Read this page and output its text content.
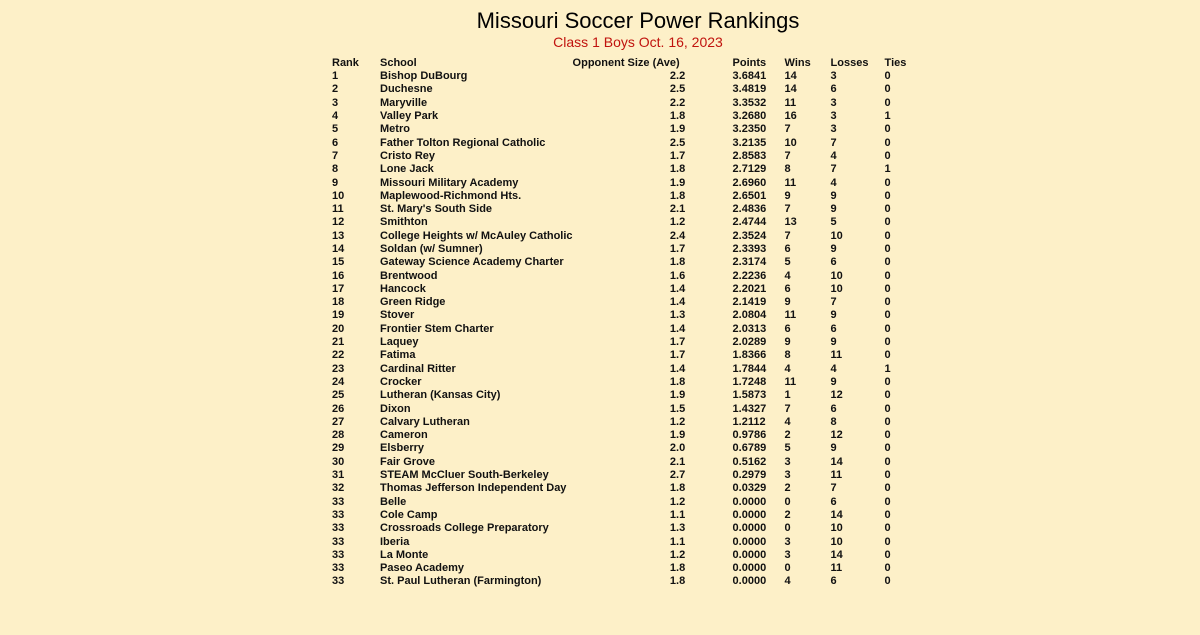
Missouri Soccer Power Rankings
Class 1 Boys Oct. 16, 2023
Rank	School	Opponent Size (Ave)	Points	Wins	Losses	Ties
1	Bishop DuBourg	2.2	3.6841	14	3	0
2	Duchesne	2.5	3.4819	14	6	0
3	Maryville	2.2	3.3532	11	3	0
4	Valley Park	1.8	3.2680	16	3	1
5	Metro	1.9	3.2350	7	3	0
6	Father Tolton Regional Catholic	2.5	3.2135	10	7	0
7	Cristo Rey	1.7	2.8583	7	4	0
8	Lone Jack	1.8	2.7129	8	7	1
9	Missouri Military Academy	1.9	2.6960	11	4	0
10	Maplewood-Richmond Hts.	1.8	2.6501	9	9	0
11	St. Mary's South Side	2.1	2.4836	7	9	0
12	Smithton	1.2	2.4744	13	5	0
13	College Heights w/ McAuley Catholic	2.4	2.3524	7	10	0
14	Soldan (w/ Sumner)	1.7	2.3393	6	9	0
15	Gateway Science Academy Charter	1.8	2.3174	5	6	0
16	Brentwood	1.6	2.2236	4	10	0
17	Hancock	1.4	2.2021	6	10	0
18	Green Ridge	1.4	2.1419	9	7	0
19	Stover	1.3	2.0804	11	9	0
20	Frontier Stem Charter	1.4	2.0313	6	6	0
21	Laquey	1.7	2.0289	9	9	0
22	Fatima	1.7	1.8366	8	11	0
23	Cardinal Ritter	1.4	1.7844	4	4	1
24	Crocker	1.8	1.7248	11	9	0
25	Lutheran (Kansas City)	1.9	1.5873	1	12	0
26	Dixon	1.5	1.4327	7	6	0
27	Calvary Lutheran	1.2	1.2112	4	8	0
28	Cameron	1.9	0.9786	2	12	0
29	Elsberry	2.0	0.6789	5	9	0
30	Fair Grove	2.1	0.5162	3	14	0
31	STEAM McCluer South-Berkeley	2.7	0.2979	3	11	0
32	Thomas Jefferson Independent Day	1.8	0.0329	2	7	0
33	Belle	1.2	0.0000	0	6	0
33	Cole Camp	1.1	0.0000	2	14	0
33	Crossroads College Preparatory	1.3	0.0000	0	10	0
33	Iberia	1.1	0.0000	3	10	0
33	La Monte	1.2	0.0000	3	14	0
33	Paseo Academy	1.8	0.0000	0	11	0
33	St. Paul Lutheran (Farmington)	1.8	0.0000	4	6	0
